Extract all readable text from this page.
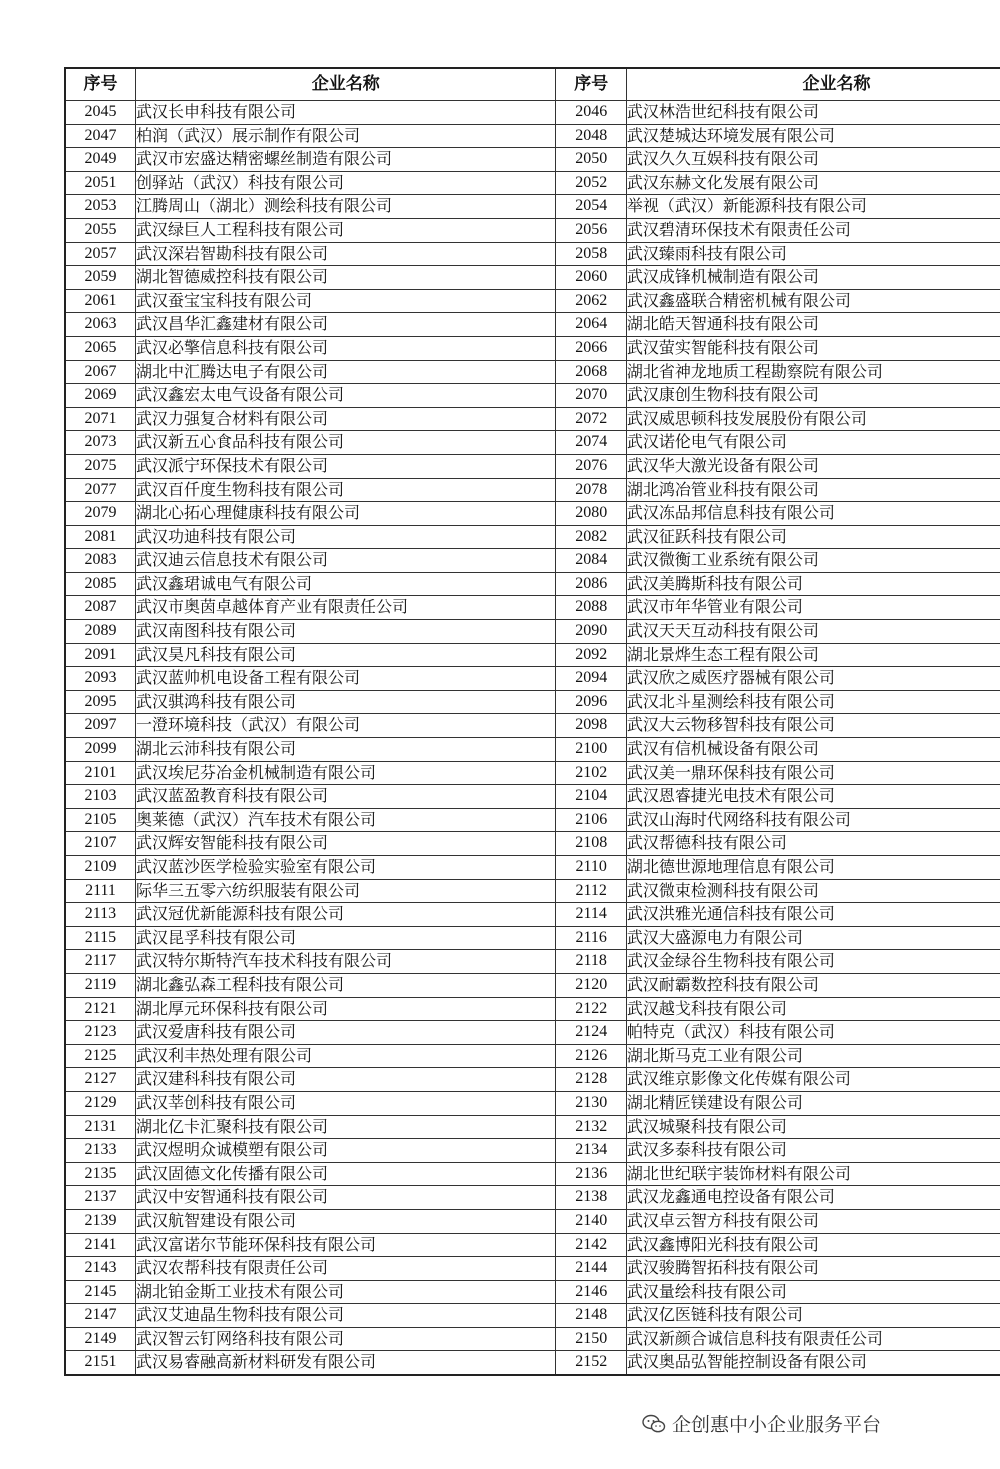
序号	企业名称	序号	企业名称
2045	武汉长申科技有限公司	2046	武汉林浩世纪科技有限公司
2047	柏润（武汉）展示制作有限公司	2048	武汉楚城达环境发展有限公司
2049	武汉市宏盛达精密螺丝制造有限公司	2050	武汉久久互娱科技有限公司
2051	创驿站（武汉）科技有限公司	2052	武汉东赫文化发展有限公司
2053	江腾周山（湖北）测绘科技有限公司	2054	举视（武汉）新能源科技有限公司
2055	武汉绿巨人工程科技有限公司	2056	武汉碧清环保技术有限责任公司
2057	武汉深岩智勘科技有限公司	2058	武汉臻雨科技有限公司
2059	湖北智德威控科技有限公司	2060	武汉成锋机械制造有限公司
2061	武汉蚕宝宝科技有限公司	2062	武汉鑫盛联合精密机械有限公司
2063	武汉昌华汇鑫建材有限公司	2064	湖北皓天智通科技有限公司
2065	武汉必擎信息科技有限公司	2066	武汉萤实智能科技有限公司
2067	湖北中汇腾达电子有限公司	2068	湖北省神龙地质工程勘察院有限公司
2069	武汉鑫宏太电气设备有限公司	2070	武汉康创生物科技有限公司
2071	武汉力强复合材料有限公司	2072	武汉威思顿科技发展股份有限公司
2073	武汉新五心食品科技有限公司	2074	武汉诺伦电气有限公司
2075	武汉派宁环保技术有限公司	2076	武汉华大激光设备有限公司
2077	武汉百仟度生物科技有限公司	2078	湖北鸿冶管业科技有限公司
2079	湖北心拓心理健康科技有限公司	2080	武汉冻品邦信息科技有限公司
2081	武汉功迪科技有限公司	2082	武汉征跃科技有限公司
2083	武汉迪云信息技术有限公司	2084	武汉微衡工业系统有限公司
2085	武汉鑫珺诚电气有限公司	2086	武汉美腾斯科技有限公司
2087	武汉市奥茵卓越体育产业有限责任公司	2088	武汉市年华管业有限公司
2089	武汉南图科技有限公司	2090	武汉天天互动科技有限公司
2091	武汉昊凡科技有限公司	2092	湖北景烨生态工程有限公司
2093	武汉蓝帅机电设备工程有限公司	2094	武汉欣之威医疗器械有限公司
2095	武汉骐鸿科技有限公司	2096	武汉北斗星测绘科技有限公司
2097	一澄环境科技（武汉）有限公司	2098	武汉大云物移智科技有限公司
2099	湖北云沛科技有限公司	2100	武汉有信机械设备有限公司
2101	武汉埃尼芬冶金机械制造有限公司	2102	武汉美一鼎环保科技有限公司
2103	武汉蓝盈教育科技有限公司	2104	武汉恩睿捷光电技术有限公司
2105	奥莱德（武汉）汽车技术有限公司	2106	武汉山海时代网络科技有限公司
2107	武汉辉安智能科技有限公司	2108	武汉帮德科技有限公司
2109	武汉蓝沙医学检验实验室有限公司	2110	湖北德世源地理信息有限公司
2111	际华三五零六纺织服装有限公司	2112	武汉微束检测科技有限公司
2113	武汉冠优新能源科技有限公司	2114	武汉洪雅光通信科技有限公司
2115	武汉昆孚科技有限公司	2116	武汉大盛源电力有限公司
2117	武汉特尔斯特汽车技术科技有限公司	2118	武汉金绿谷生物科技有限公司
2119	湖北鑫弘森工程科技有限公司	2120	武汉耐霸数控科技有限公司
2121	湖北厚元环保科技有限公司	2122	武汉越戈科技有限公司
2123	武汉爱唐科技有限公司	2124	帕特克（武汉）科技有限公司
2125	武汉利丰热处理有限公司	2126	湖北斯马克工业有限公司
2127	武汉建科科技有限公司	2128	武汉维京影像文化传媒有限公司
2129	武汉莘创科技有限公司	2130	湖北精匠镁建设有限公司
2131	湖北亿卡汇聚科技有限公司	2132	武汉城聚科技有限公司
2133	武汉煜明众诚模塑有限公司	2134	武汉多泰科技有限公司
2135	武汉固德文化传播有限公司	2136	湖北世纪联宇装饰材料有限公司
2137	武汉中安智通科技有限公司	2138	武汉龙鑫通电控设备有限公司
2139	武汉航智建设有限公司	2140	武汉卓云智方科技有限公司
2141	武汉富诺尔节能环保科技有限公司	2142	武汉鑫博阳光科技有限公司
2143	武汉农帮科技有限责任公司	2144	武汉骏腾智拓科技有限公司
2145	湖北铂金斯工业技术有限公司	2146	武汉量绘科技有限公司
2147	武汉艾迪晶生物科技有限公司	2148	武汉亿医链科技有限公司
2149	武汉智云钉网络科技有限公司	2150	武汉新颜合诚信息科技有限责任公司
2151	武汉易睿融高新材料研发有限公司	2152	武汉奥品弘智能控制设备有限公司
企创惠中小企业服务平台
